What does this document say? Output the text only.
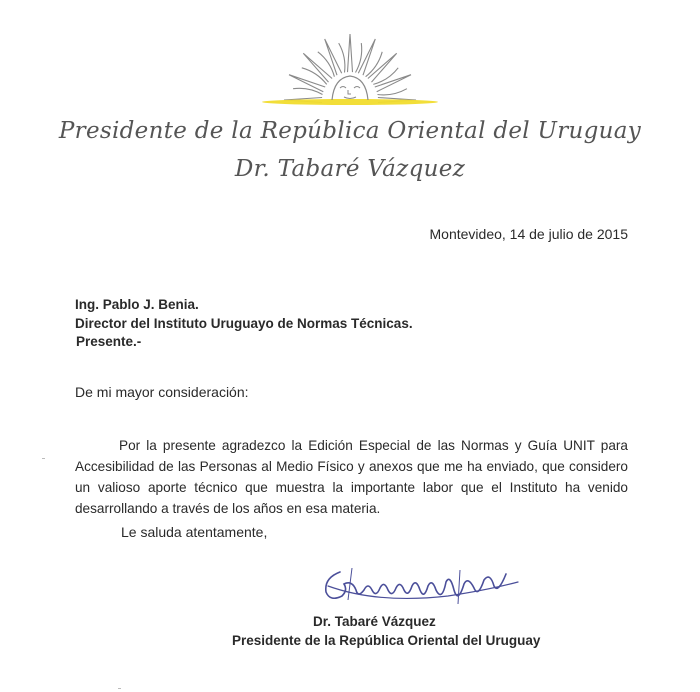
Presidente de la República Oriental del Uruguay
Dr. Tabaré Vázquez
Montevideo, 14 de julio de 2015
Ing. Pablo J. Benia.
Director del Instituto Uruguayo de Normas Técnicas.
Presente.-
De mi mayor consideración:
Por la presente agradezco la Edición Especial de las Normas y Guía UNIT para Accesibilidad de las Personas al Medio Físico y anexos que me ha enviado, que considero un valioso aporte técnico que muestra la importante labor que el Instituto ha venido desarrollando a través de los años en esa materia.
Le saluda atentamente,
Dr. Tabaré Vázquez
Presidente de la República Oriental del Uruguay
